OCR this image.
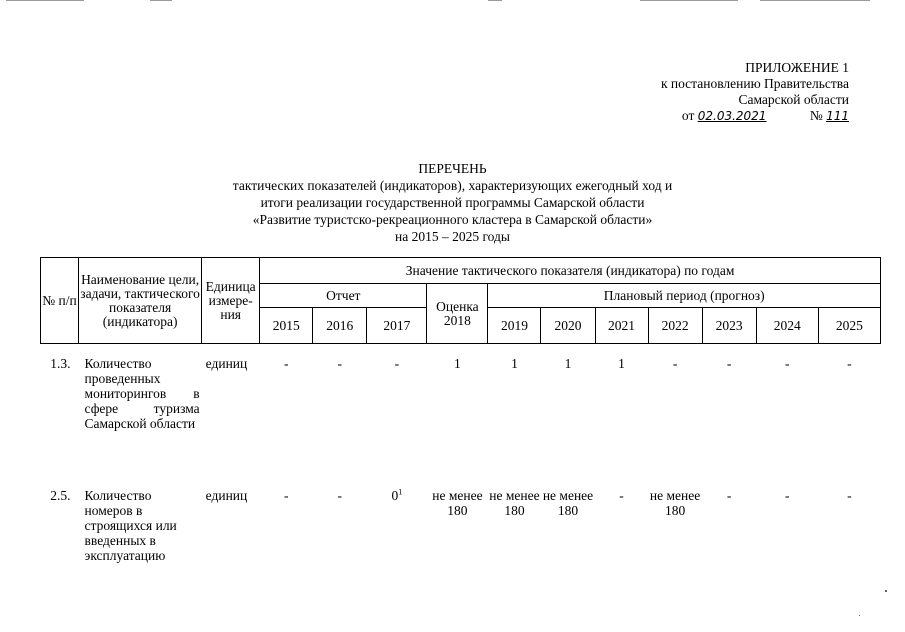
ПРИЛОЖЕНИЕ 1
к постановлению Правительства
Самарской области
от 02.03.2021	№ 111
ПЕРЕЧЕНЬ
тактических показателей (индикаторов), характеризующих ежегодный ход и
итоги реализации государственной программы Самарской области
«Развитие туристско-рекреационного кластера в Самарской области»
на 2015 – 2025 годы
№ п/п	Наименование цели, задачи, тактического показателя (индикатора)	Единица измере-ния	Значение тактического показателя (индикатора) по годам										
			Отчет			Оценка 2018	Плановый период (прогноз)						
			2015	2016	2017		2019	2020	2021	2022	2023	2024	2025
1.3.	Количество проведенных мониторингов в сфере туризма Самарской области	единиц	-	-	-	1	1	1	1	-	-	-	-
2.5.	Количество номеров в строящихся или введенных в эксплуатацию	единиц	-	-	$0^1$	не менее 180	не менее 180	не менее 180	-	не менее 180	-	-	-
